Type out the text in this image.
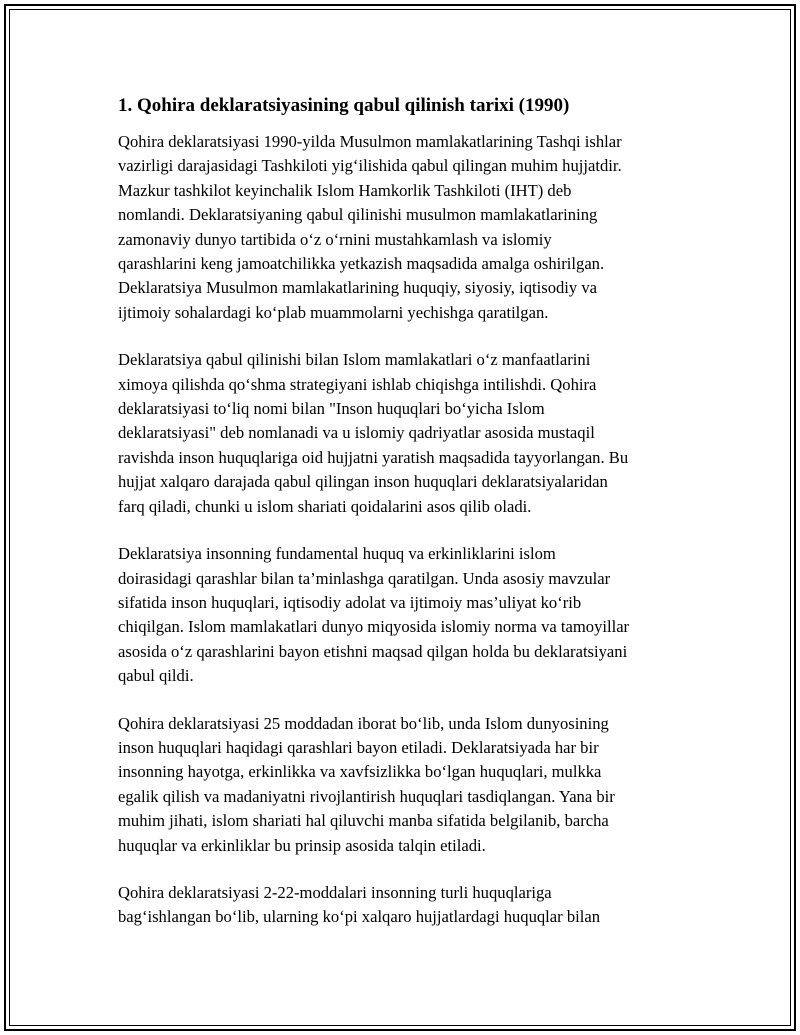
1. Qohira deklaratsiyasining qabul qilinish tarixi (1990)
Qohira deklaratsiyasi 1990-yilda Musulmon mamlakatlarining Tashqi ishlar
vazirligi darajasidagi Tashkiloti yig‘ilishida qabul qilingan muhim hujjatdir.
Mazkur tashkilot keyinchalik Islom Hamkorlik Tashkiloti (IHT) deb
nomlandi. Deklaratsiyaning qabul qilinishi musulmon mamlakatlarining
zamonaviy dunyo tartibida o‘z o‘rnini mustahkamlash va islomiy
qarashlarini keng jamoatchilikka yetkazish maqsadida amalga oshirilgan.
Deklaratsiya Musulmon mamlakatlarining huquqiy, siyosiy, iqtisodiy va
ijtimoiy sohalardagi ko‘plab muammolarni yechishga qaratilgan.
Deklaratsiya qabul qilinishi bilan Islom mamlakatlari o‘z manfaatlarini
ximoya qilishda qo‘shma strategiyani ishlab chiqishga intilishdi. Qohira
deklaratsiyasi to‘liq nomi bilan "Inson huquqlari bo‘yicha Islom
deklaratsiyasi" deb nomlanadi va u islomiy qadriyatlar asosida mustaqil
ravishda inson huquqlariga oid hujjatni yaratish maqsadida tayyorlangan. Bu
hujjat xalqaro darajada qabul qilingan inson huquqlari deklaratsiyalaridan
farq qiladi, chunki u islom shariati qoidalarini asos qilib oladi.
Deklaratsiya insonning fundamental huquq va erkinliklarini islom
doirasidagi qarashlar bilan ta’minlashga qaratilgan. Unda asosiy mavzular
sifatida inson huquqlari, iqtisodiy adolat va ijtimoiy mas’uliyat ko‘rib
chiqilgan. Islom mamlakatlari dunyo miqyosida islomiy norma va tamoyillar
asosida o‘z qarashlarini bayon etishni maqsad qilgan holda bu deklaratsiyani
qabul qildi.
Qohira deklaratsiyasi 25 moddadan iborat bo‘lib, unda Islom dunyosining
inson huquqlari haqidagi qarashlari bayon etiladi. Deklaratsiyada har bir
insonning hayotga, erkinlikka va xavfsizlikka bo‘lgan huquqlari, mulkka
egalik qilish va madaniyatni rivojlantirish huquqlari tasdiqlangan. Yana bir
muhim jihati, islom shariati hal qiluvchi manba sifatida belgilanib, barcha
huquqlar va erkinliklar bu prinsip asosida talqin etiladi.
Qohira deklaratsiyasi 2-22-moddalari insonning turli huquqlariga
bag‘ishlangan bo‘lib, ularning ko‘pi xalqaro hujjatlardagi huquqlar bilan
